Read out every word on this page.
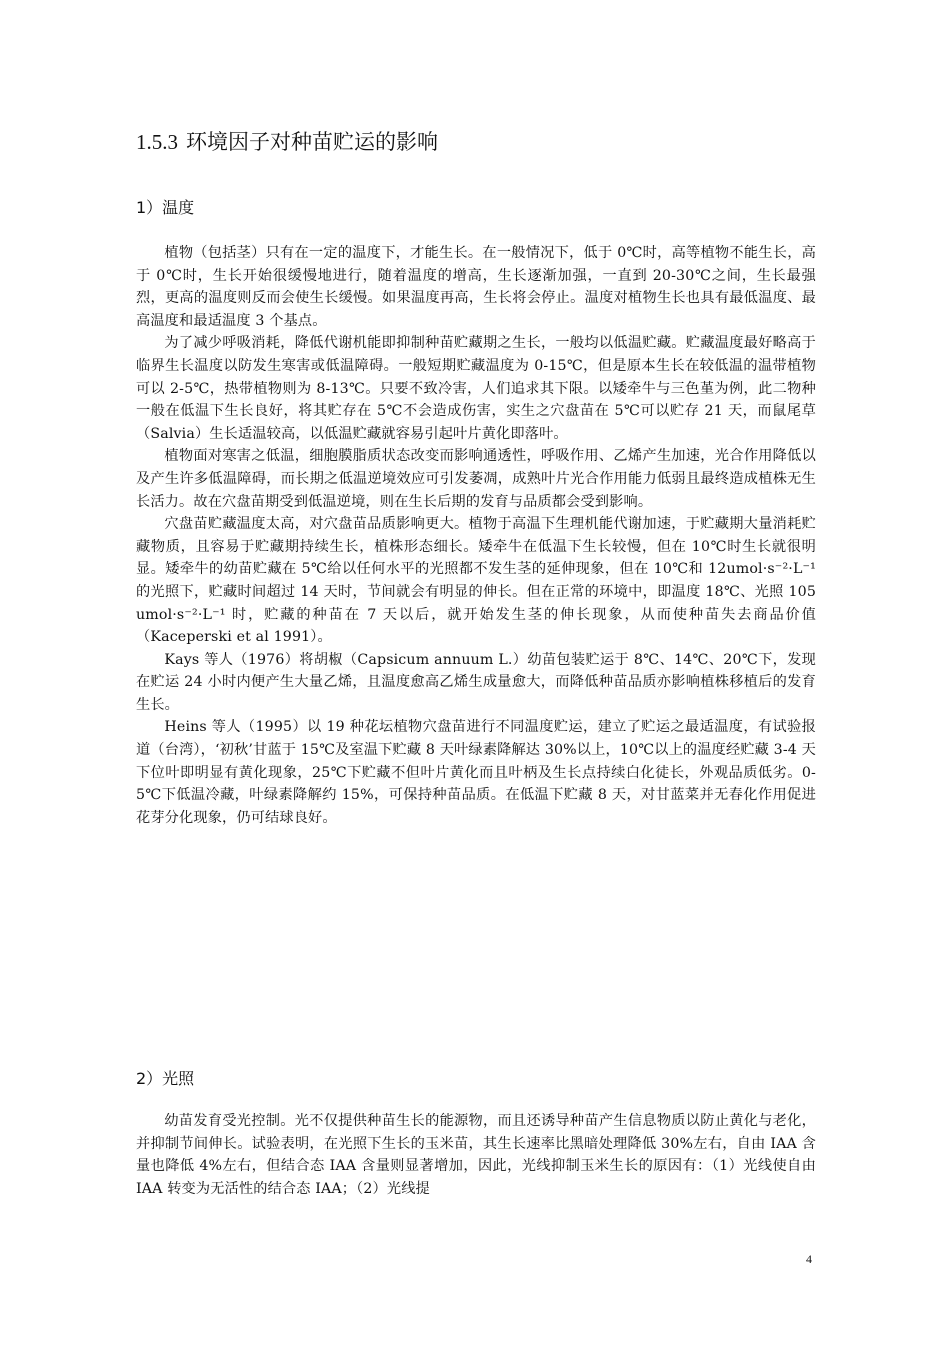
1.5.3 环境因子对种苗贮运的影响
1）温度

植物（包括茎）只有在一定的温度下，才能生长。在一般情况下，低于 0℃时，高等植物不能生长，高于 0℃时，生长开始很缓慢地进行，随着温度的增高，生长逐渐加强，一直到 20-30℃之间，生长最强烈，更高的温度则反而会使生长缓慢。如果温度再高，生长将会停止。温度对植物生长也具有最低温度、最高温度和最适温度 3 个基点。

为了减少呼吸消耗，降低代谢机能即抑制种苗贮藏期之生长，一般均以低温贮藏。贮藏温度最好略高于临界生长温度以防发生寒害或低温障碍。一般短期贮藏温度为 0-15℃，但是原本生长在较低温的温带植物可以 2-5℃，热带植物则为 8-13℃。只要不致冷害，人们追求其下限。以矮牵牛与三色堇为例，此二物种一般在低温下生长良好，将其贮存在 5℃不会造成伤害，实生之穴盘苗在 5℃可以贮存 21 天，而鼠尾草（Salvia）生长适温较高，以低温贮藏就容易引起叶片黄化即落叶。

植物面对寒害之低温，细胞膜脂质状态改变而影响通透性，呼吸作用、乙烯产生加速，光合作用降低以及产生许多低温障碍，而长期之低温逆境效应可引发萎凋，成熟叶片光合作用能力低弱且最终造成植株无生长活力。故在穴盘苗期受到低温逆境，则在生长后期的发育与品质都会受到影响。

穴盘苗贮藏温度太高，对穴盘苗品质影响更大。植物于高温下生理机能代谢加速，于贮藏期大量消耗贮藏物质，且容易于贮藏期持续生长，植株形态细长。矮牵牛在低温下生长较慢，但在 10℃时生长就很明显。矮牵牛的幼苗贮藏在 5℃给以任何水平的光照都不发生茎的延伸现象，但在 10℃和 12umol·s⁻²·L⁻¹ 的光照下，贮藏时间超过 14 天时，节间就会有明显的伸长。但在正常的环境中，即温度 18℃、光照 105 umol·s⁻²·L⁻¹ 时，贮藏的种苗在 7 天以后，就开始发生茎的伸长现象，从而使种苗失去商品价值（Kaceperski et al 1991）。

Kays 等人（1976）将胡椒（Capsicum annuum L.）幼苗包装贮运于 8℃、14℃、20℃下，发现在贮运 24 小时内便产生大量乙烯，且温度愈高乙烯生成量愈大，而降低种苗品质亦影响植株移植后的发育生长。

Heins 等人（1995）以 19 种花坛植物穴盘苗进行不同温度贮运，建立了贮运之最适温度，有试验报道（台湾），‘初秋’甘蓝于 15℃及室温下贮藏 8 天叶绿素降解达 30%以上，10℃以上的温度经贮藏 3-4 天下位叶即明显有黄化现象，25℃下贮藏不但叶片黄化而且叶柄及生长点持续白化徒长，外观品质低劣。0-5℃下低温冷藏，叶绿素降解约 15%，可保持种苗品质。在低温下贮藏 8 天，对甘蓝菜并无春化作用促进花芽分化现象，仍可结球良好。

2）光照

幼苗发育受光控制。光不仅提供种苗生长的能源物，而且还诱导种苗产生信息物质以防止黄化与老化，并抑制节间伸长。试验表明，在光照下生长的玉米苗，其生长速率比黑暗处理降低 30%左右，自由 IAA 含量也降低 4%左右，但结合态 IAA 含量则显著增加，因此，光线抑制玉米生长的原因有：（1）光线使自由 IAA 转变为无活性的结合态 IAA；（2）光线提

4
